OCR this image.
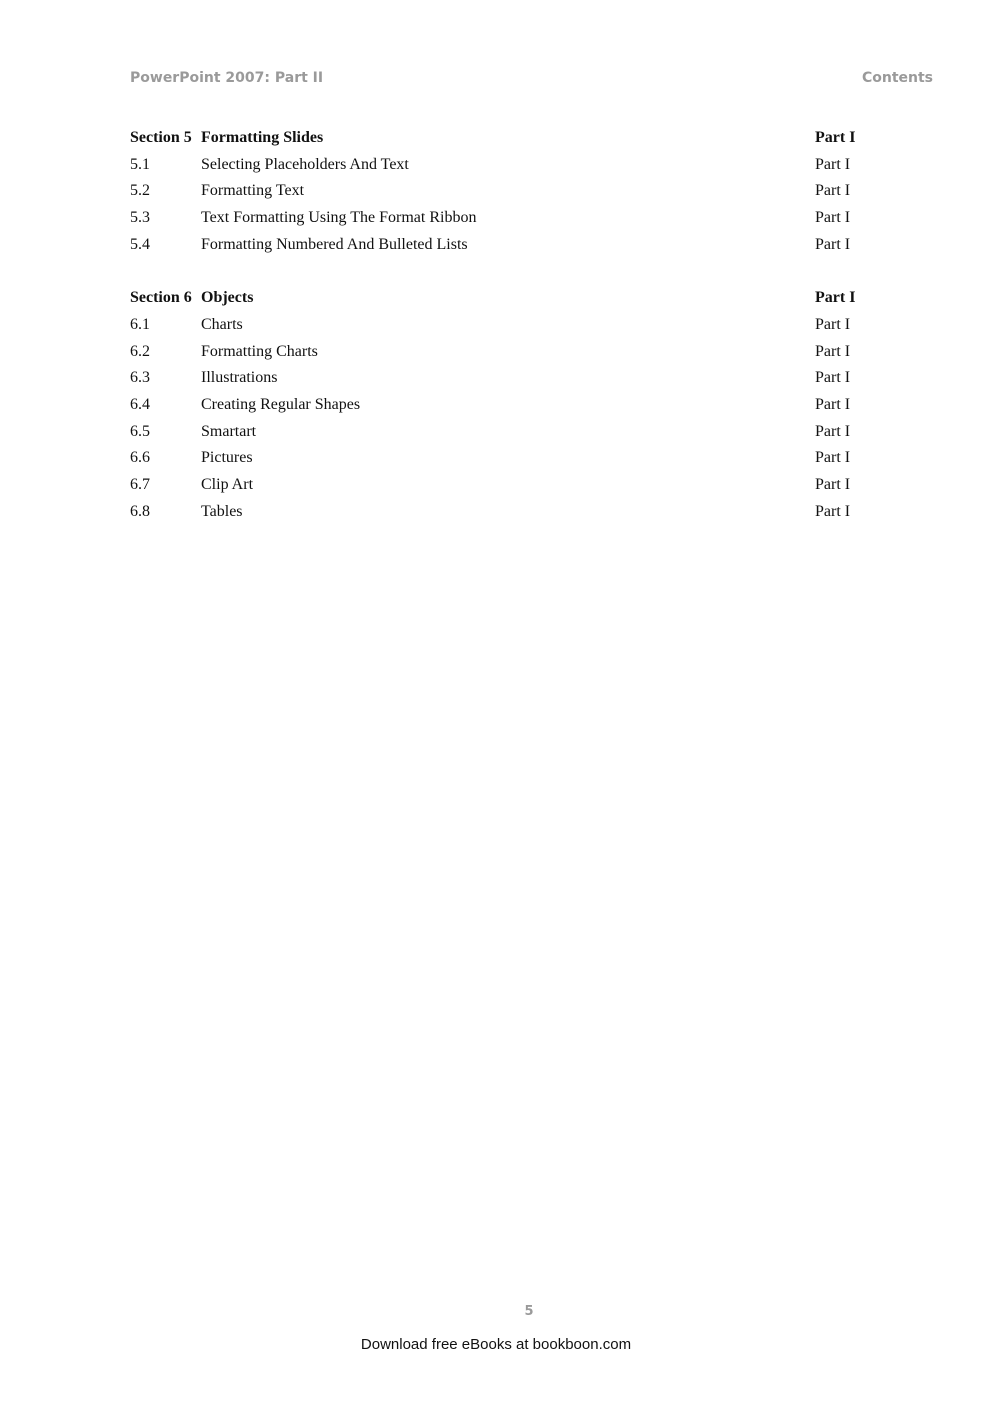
PowerPoint 2007: Part II	Contents
Section 5 Formatting Slides	Part I
5.1	Selecting Placeholders And Text	Part I
5.2	Formatting Text	Part I
5.3	Text Formatting Using The Format Ribbon	Part I
5.4	Formatting Numbered And Bulleted Lists	Part I
Section 6 Objects	Part I
6.1	Charts	Part I
6.2	Formatting Charts	Part I
6.3	Illustrations	Part I
6.4	Creating Regular Shapes	Part I
6.5	Smartart	Part I
6.6	Pictures	Part I
6.7	Clip Art	Part I
6.8	Tables	Part I
5
Download free eBooks at bookboon.com
